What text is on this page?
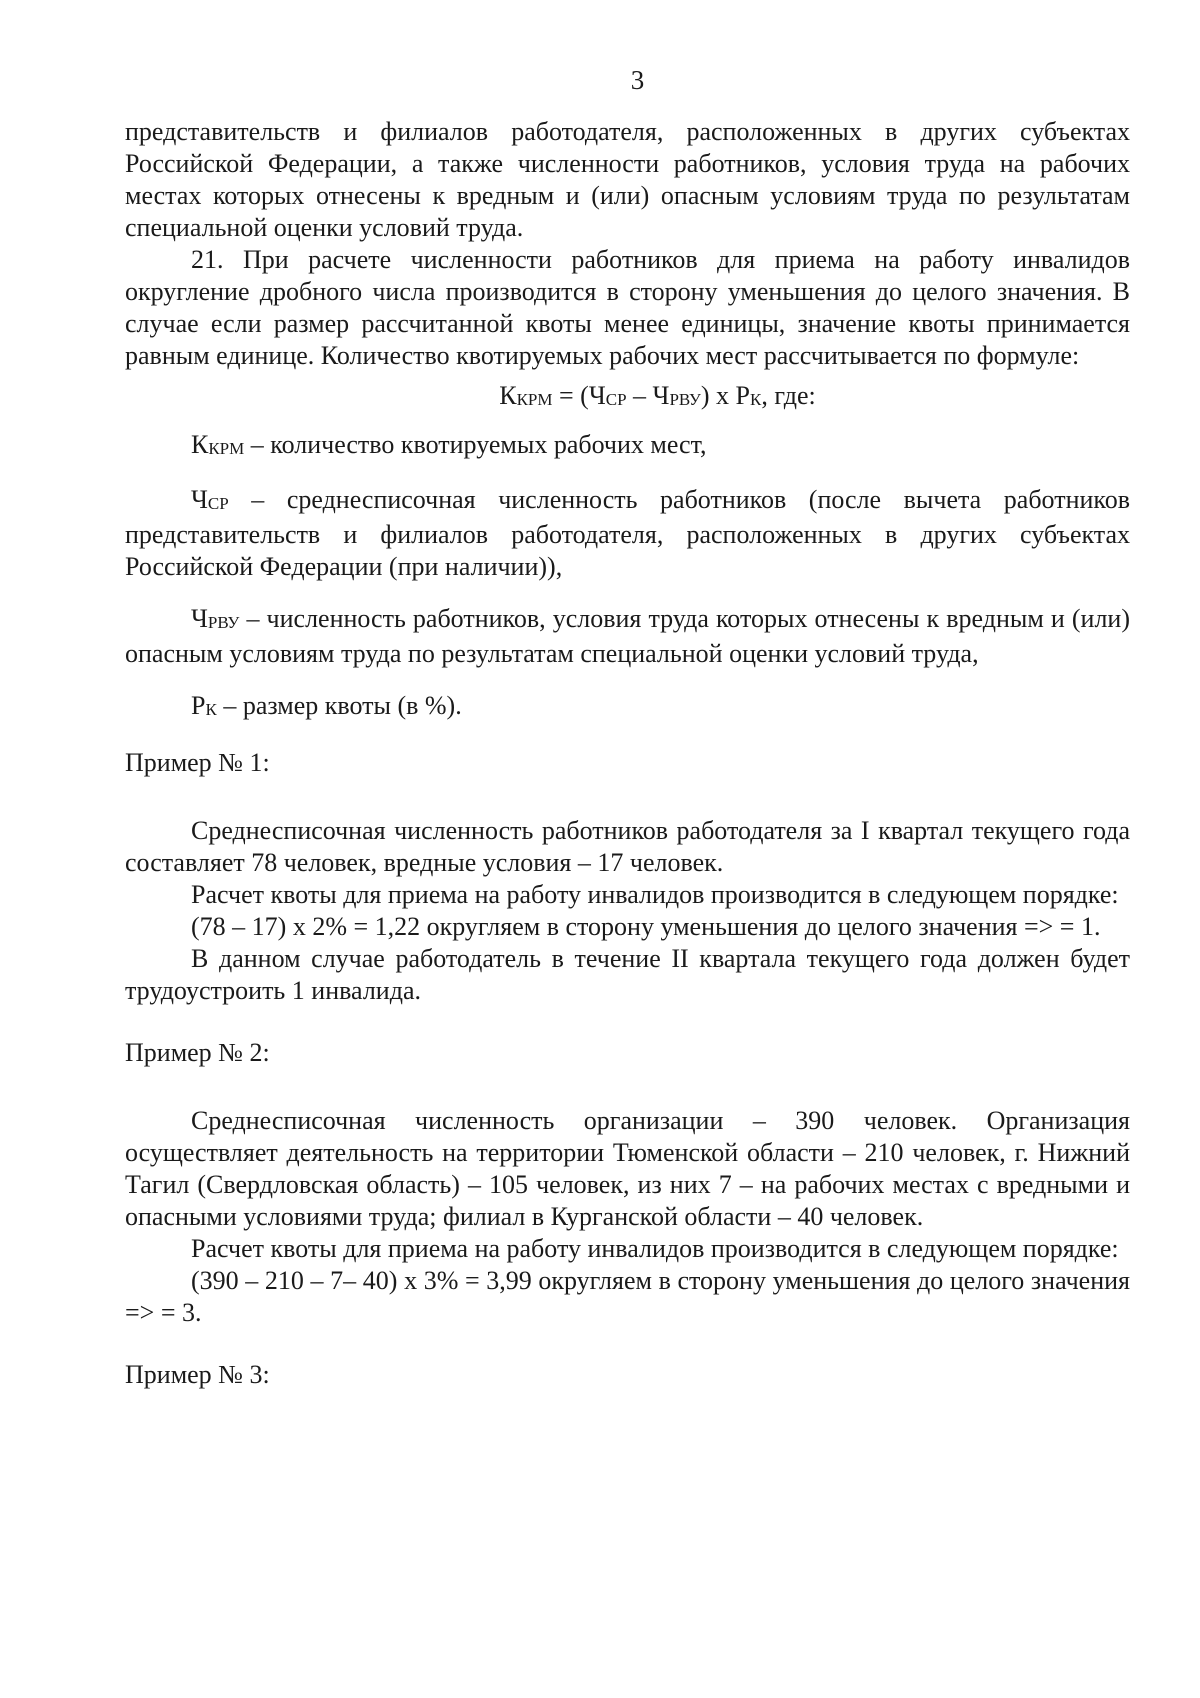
3

представительств и филиалов работодателя, расположенных в других субъектах Российской Федерации, а также численности работников, условия труда на рабочих местах которых отнесены к вредным и (или) опасным условиям труда по результатам специальной оценки условий труда.

21. При расчете численности работников для приема на работу инвалидов округление дробного числа производится в сторону уменьшения до целого значения. В случае если размер рассчитанной квоты менее единицы, значение квоты принимается равным единице. Количество квотируемых рабочих мест рассчитывается по формуле:

$К_{КРМ} = (Ч_{СР} - Ч_{РВУ})$ x $Р_К$, где:

$К_{КРМ}$ – количество квотируемых рабочих мест,

$Ч_{СР}$ – среднесписочная численность работников (после вычета работников представительств и филиалов работодателя, расположенных в других субъектах Российской Федерации (при наличии)),

$Ч_{РВУ}$ – численность работников, условия труда которых отнесены к вредным и (или) опасным условиям труда по результатам специальной оценки условий труда,

$Р_К$ – размер квоты (в %).

Пример № 1:

Среднесписочная численность работников работодателя за I квартал текущего года составляет 78 человек, вредные условия – 17 человек.

Расчет квоты для приема на работу инвалидов производится в следующем порядке:

(78 – 17) х 2% = 1,22 округляем в сторону уменьшения до целого значения => = 1.

В данном случае работодатель в течение II квартала текущего года должен будет трудоустроить 1 инвалида.

Пример № 2:

Среднесписочная численность организации – 390 человек. Организация осуществляет деятельность на территории Тюменской области – 210 человек, г. Нижний Тагил (Свердловская область) – 105 человек, из них 7 – на рабочих местах с вредными и опасными условиями труда; филиал в Курганской области – 40 человек.

Расчет квоты для приема на работу инвалидов производится в следующем порядке:

(390 – 210 – 7– 40) х 3% = 3,99 округляем в сторону уменьшения до целого значения => = 3.

Пример № 3:
